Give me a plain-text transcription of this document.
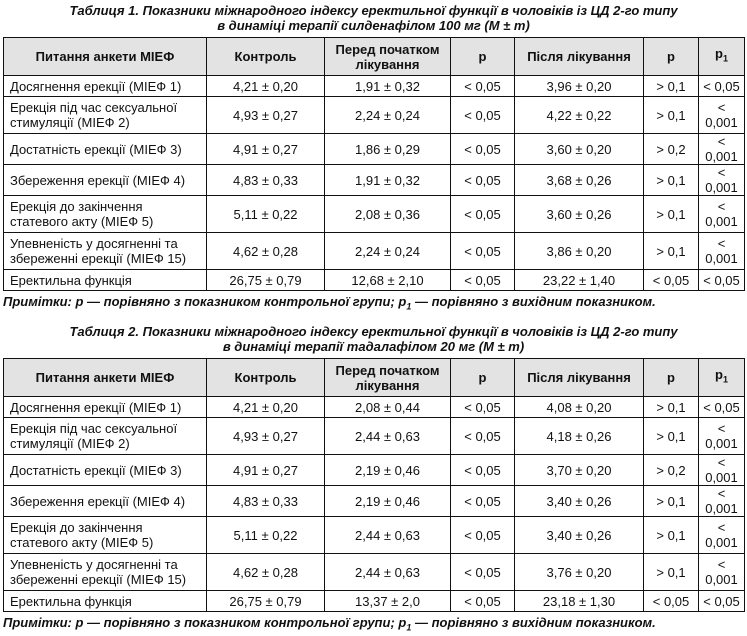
Таблиця 1. Показники міжнародного індексу еректильної функції в чоловіків із ЦД 2-го типу
в динаміці терапії силденафілом 100 мг (M ± m)
Питання анкети МІЕФ	Контроль	Перед початком лікування	p	Після лікування	p	$p_1$
Досягнення ерекції (МІЕФ 1)	4,21 ± 0,20	1,91 ± 0,32	< 0,05	3,96 ± 0,20	> 0,1	< 0,05
Ерекція під час сексуальної стимуляції (МІЕФ 2)	4,93 ± 0,27	2,24 ± 0,24	< 0,05	4,22 ± 0,22	> 0,1	< 0,001
Достатність ерекції (МІЕФ 3)	4,91 ± 0,27	1,86 ± 0,29	< 0,05	3,60 ± 0,20	> 0,2	< 0,001
Збереження ерекції (МІЕФ 4)	4,83 ± 0,33	1,91 ± 0,32	< 0,05	3,68 ± 0,26	> 0,1	< 0,001
Ерекція до закінчення статевого акту (МІЕФ 5)	5,11 ± 0,22	2,08 ± 0,36	< 0,05	3,60 ± 0,26	> 0,1	< 0,001
Упевненість у досягненні та збереженні ерекції (МІЕФ 15)	4,62 ± 0,28	2,24 ± 0,24	< 0,05	3,86 ± 0,20	> 0,1	< 0,001
Еректильна функція	26,75 ± 0,79	12,68 ± 2,10	< 0,05	23,22 ± 1,40	< 0,05	< 0,05
Примітки: p — порівняно з показником контрольної групи; $p_1$ — порівняно з вихідним показником.
Таблиця 2. Показники міжнародного індексу еректильної функції в чоловіків із ЦД 2-го типу
в динаміці терапії тадалафілом 20 мг (M ± m)
Питання анкети МІЕФ	Контроль	Перед початком лікування	p	Після лікування	p	$p_1$
Досягнення ерекції (МІЕФ 1)	4,21 ± 0,20	2,08 ± 0,44	< 0,05	4,08 ± 0,20	> 0,1	< 0,05
Ерекція під час сексуальної стимуляції (МІЕФ 2)	4,93 ± 0,27	2,44 ± 0,63	< 0,05	4,18 ± 0,26	> 0,1	< 0,001
Достатність ерекції (МІЕФ 3)	4,91 ± 0,27	2,19 ± 0,46	< 0,05	3,70 ± 0,20	> 0,2	< 0,001
Збереження ерекції (МІЕФ 4)	4,83 ± 0,33	2,19 ± 0,46	< 0,05	3,40 ± 0,26	> 0,1	< 0,001
Ерекція до закінчення статевого акту (МІЕФ 5)	5,11 ± 0,22	2,44 ± 0,63	< 0,05	3,40 ± 0,26	> 0,1	< 0,001
Упевненість у досягненні та збереженні ерекції (МІЕФ 15)	4,62 ± 0,28	2,44 ± 0,63	< 0,05	3,76 ± 0,20	> 0,1	< 0,001
Еректильна функція	26,75 ± 0,79	13,37 ± 2,0	< 0,05	23,18 ± 1,30	< 0,05	< 0,05
Примітки: p — порівняно з показником контрольної групи; $p_1$ — порівняно з вихідним показником.
